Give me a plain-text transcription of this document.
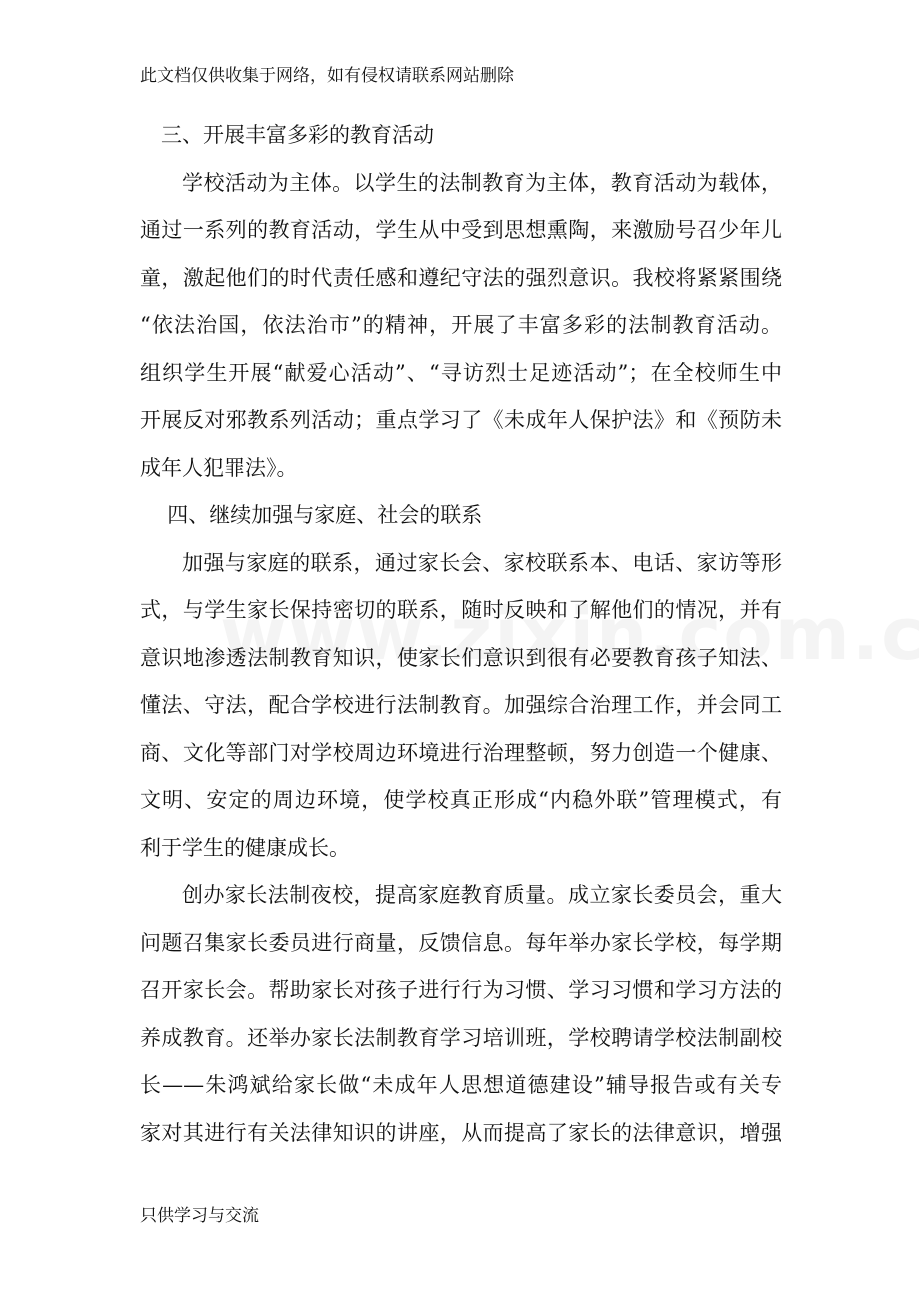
此文档仅供收集于网络，如有侵权请联系网站删除
三、开展丰富多彩的教育活动
学校活动为主体。以学生的法制教育为主体，教育活动为载体，
通过一系列的教育活动，学生从中受到思想熏陶，来激励号召少年儿
童，激起他们的时代责任感和遵纪守法的强烈意识。我校将紧紧围绕
“依法治国，依法治市”的精神，开展了丰富多彩的法制教育活动。
组织学生开展“献爱心活动”、“寻访烈士足迹活动”；在全校师生中
开展反对邪教系列活动；重点学习了《未成年人保护法》和《预防未
成年人犯罪法》。
四、继续加强与家庭、社会的联系
加强与家庭的联系，通过家长会、家校联系本、电话、家访等形
式，与学生家长保持密切的联系，随时反映和了解他们的情况，并有
意识地渗透法制教育知识，使家长们意识到很有必要教育孩子知法、
懂法、守法，配合学校进行法制教育。加强综合治理工作，并会同工
商、文化等部门对学校周边环境进行治理整顿，努力创造一个健康、
文明、安定的周边环境，使学校真正形成“内稳外联”管理模式，有
利于学生的健康成长。
创办家长法制夜校，提高家庭教育质量。成立家长委员会，重大
问题召集家长委员进行商量，反馈信息。每年举办家长学校，每学期
召开家长会。帮助家长对孩子进行行为习惯、学习习惯和学习方法的
养成教育。还举办家长法制教育学习培训班，学校聘请学校法制副校
长——朱鸿斌给家长做“未成年人思想道德建设”辅导报告或有关专
家对其进行有关法律知识的讲座，从而提高了家长的法律意识，增强
只供学习与交流
